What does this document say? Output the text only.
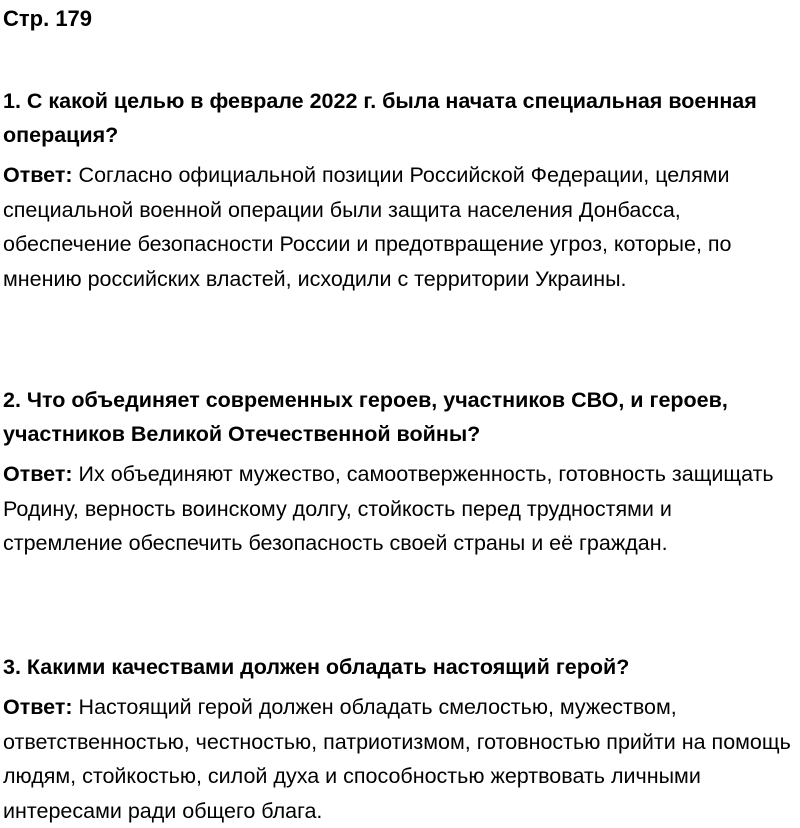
Стр. 179

1. С какой целью в феврале 2022 г. была начата специальная военная операция?

Ответ: Согласно официальной позиции Российской Федерации, целями специальной военной операции были защита населения Донбасса, обеспечение безопасности России и предотвращение угроз, которые, по мнению российских властей, исходили с территории Украины.

2. Что объединяет современных героев, участников СВО, и героев, участников Великой Отечественной войны?

Ответ: Их объединяют мужество, самоотверженность, готовность защищать Родину, верность воинскому долгу, стойкость перед трудностями и стремление обеспечить безопасность своей страны и её граждан.

3. Какими качествами должен обладать настоящий герой?

Ответ: Настоящий герой должен обладать смелостью, мужеством, ответственностью, честностью, патриотизмом, готовностью прийти на помощь людям, стойкостью, силой духа и способностью жертвовать личными интересами ради общего блага.
